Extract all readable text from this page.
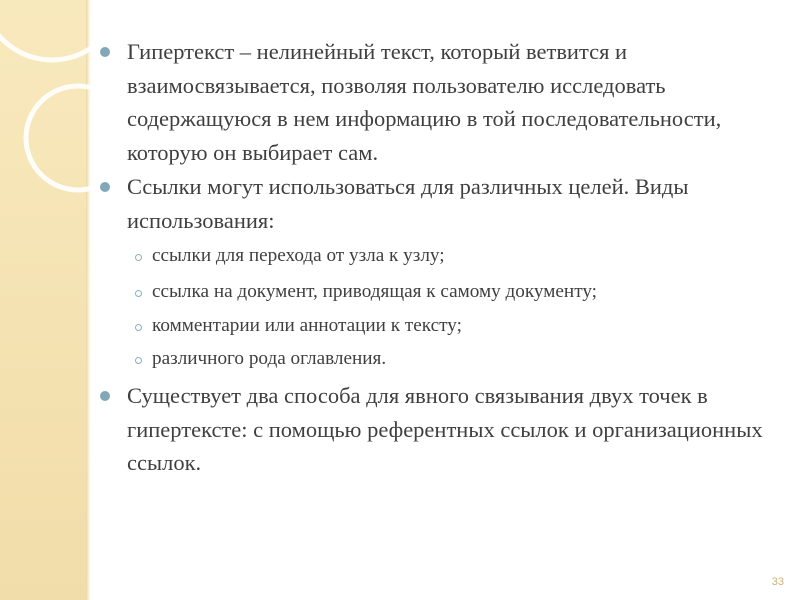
Гипертекст – нелинейный текст, который ветвится и взаимосвязывается, позволяя пользователю исследовать содержащуюся в нем информацию в той последовательности, которую он выбирает сам.

Ссылки могут использоваться для различных целей. Виды использования:

ссылки для перехода от узла к узлу;

ссылка на документ, приводящая к самому документу;

комментарии или аннотации к тексту;

различного рода оглавления.

Существует два способа для явного связывания двух точек в гипертексте: с помощью референтных ссылок и организационных ссылок.

33
